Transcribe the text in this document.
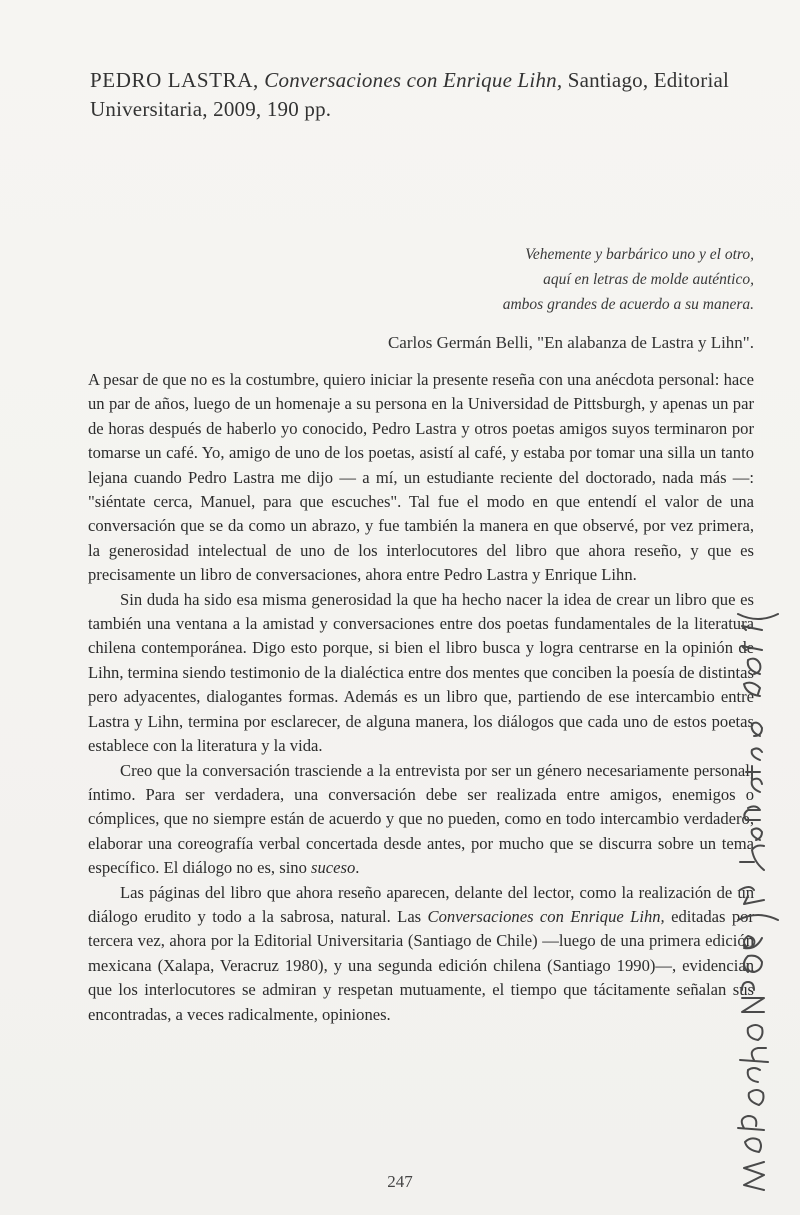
PEDRO LASTRA, Conversaciones con Enrique Lihn, Santiago, Editorial
Universitaria, 2009, 190 pp.
Vehemente y barbárico uno y el otro,
aquí en letras de molde auténtico,
ambos grandes de acuerdo a su manera.
Carlos Germán Belli, "En alabanza de Lastra y Lihn".

A pesar de que no es la costumbre, quiero iniciar la presente reseña con una anécdota personal: hace un par de años, luego de un homenaje a su persona en la Universidad de Pittsburgh, y apenas un par de horas después de haberlo yo conocido, Pedro Lastra y otros poetas amigos suyos terminaron por tomarse un café. Yo, amigo de uno de los poetas, asistí al café, y estaba por tomar una silla un tanto lejana cuando Pedro Lastra me dijo — a mí, un estudiante reciente del doctorado, nada más —: "siéntate cerca, Manuel, para que escuches". Tal fue el modo en que entendí el valor de una conversación que se da como un abrazo, y fue también la manera en que observé, por vez primera, la generosidad intelectual de uno de los interlocutores del libro que ahora reseño, y que es precisamente un libro de conversaciones, ahora entre Pedro Lastra y Enrique Lihn.

Sin duda ha sido esa misma generosidad la que ha hecho nacer la idea de crear un libro que es también una ventana a la amistad y conversaciones entre dos poetas fundamentales de la literatura chilena contemporánea. Digo esto porque, si bien el libro busca y logra centrarse en la opinión de Lihn, termina siendo testimonio de la dialéctica entre dos mentes que conciben la poesía de distintas pero adyacentes, dialogantes formas. Además es un libro que, partiendo de ese intercambio entre Lastra y Lihn, termina por esclarecer, de alguna manera, los diálogos que cada uno de estos poetas establece con la literatura y la vida.

Creo que la conversación trasciende a la entrevista por ser un género necesariamente personal, íntimo. Para ser verdadera, una conversación debe ser realizada entre amigos, enemigos o cómplices, que no siempre están de acuerdo y que no pueden, como en todo intercambio verdadero, elaborar una coreografía verbal concertada desde antes, por mucho que se discurra sobre un tema específico. El diálogo no es, sino suceso.

Las páginas del libro que ahora reseño aparecen, delante del lector, como la realización de un diálogo erudito y todo a la sabrosa, natural. Las Conversaciones con Enrique Lihn, editadas por tercera vez, ahora por la Editorial Universitaria (Santiago de Chile) —luego de una primera edición mexicana (Xalapa, Veracruz 1980), y una segunda edición chilena (Santiago 1990)—, evidencian que los interlocutores se admiran y respetan mutuamente, el tiempo que tácitamente señalan sus encontradas, a veces radicalmente, opiniones.

247
